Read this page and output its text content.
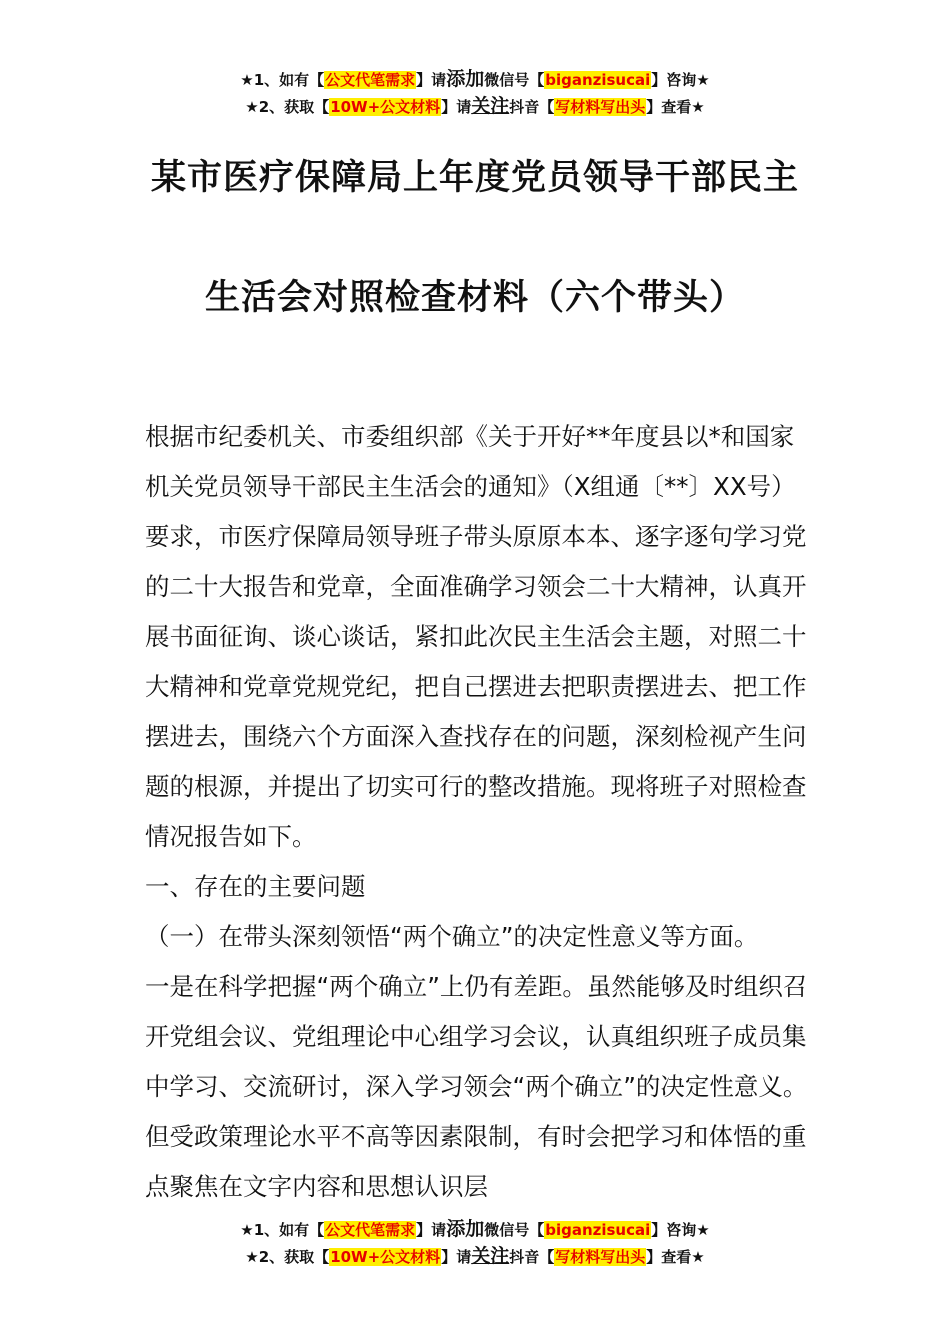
★1、如有【公文代笔需求】请添加微信号【biganzisucai】咨询★
★2、获取【10W+公文材料】请关注抖音【写材料写出头】查看★
某市医疗保障局上年度党员领导干部民主
生活会对照检查材料（六个带头）

根据市纪委机关、市委组织部《关于开好**年度县以*和国家机关党员领导干部民主生活会的通知》（X组通〔**〕XX号）要求，市医疗保障局领导班子带头原原本本、逐字逐句学习党的二十大报告和党章，全面准确学习领会二十大精神，认真开展书面征询、谈心谈话，紧扣此次民主生活会主题，对照二十大精神和党章党规党纪，把自己摆进去把职责摆进去、把工作摆进去，围绕六个方面深入查找存在的问题，深刻检视产生问题的根源，并提出了切实可行的整改措施。现将班子对照检查情况报告如下。

一、存在的主要问题

（一）在带头深刻领悟“两个确立”的决定性意义等方面。

一是在科学把握“两个确立”上仍有差距。虽然能够及时组织召开党组会议、党组理论中心组学习会议，认真组织班子成员集中学习、交流研讨，深入学习领会“两个确立”的决定性意义。但受政策理论水平不高等因素限制，有时会把学习和体悟的重点聚焦在文字内容和思想认识层

★1、如有【公文代笔需求】请添加微信号【biganzisucai】咨询★
★2、获取【10W+公文材料】请关注抖音【写材料写出头】查看★
